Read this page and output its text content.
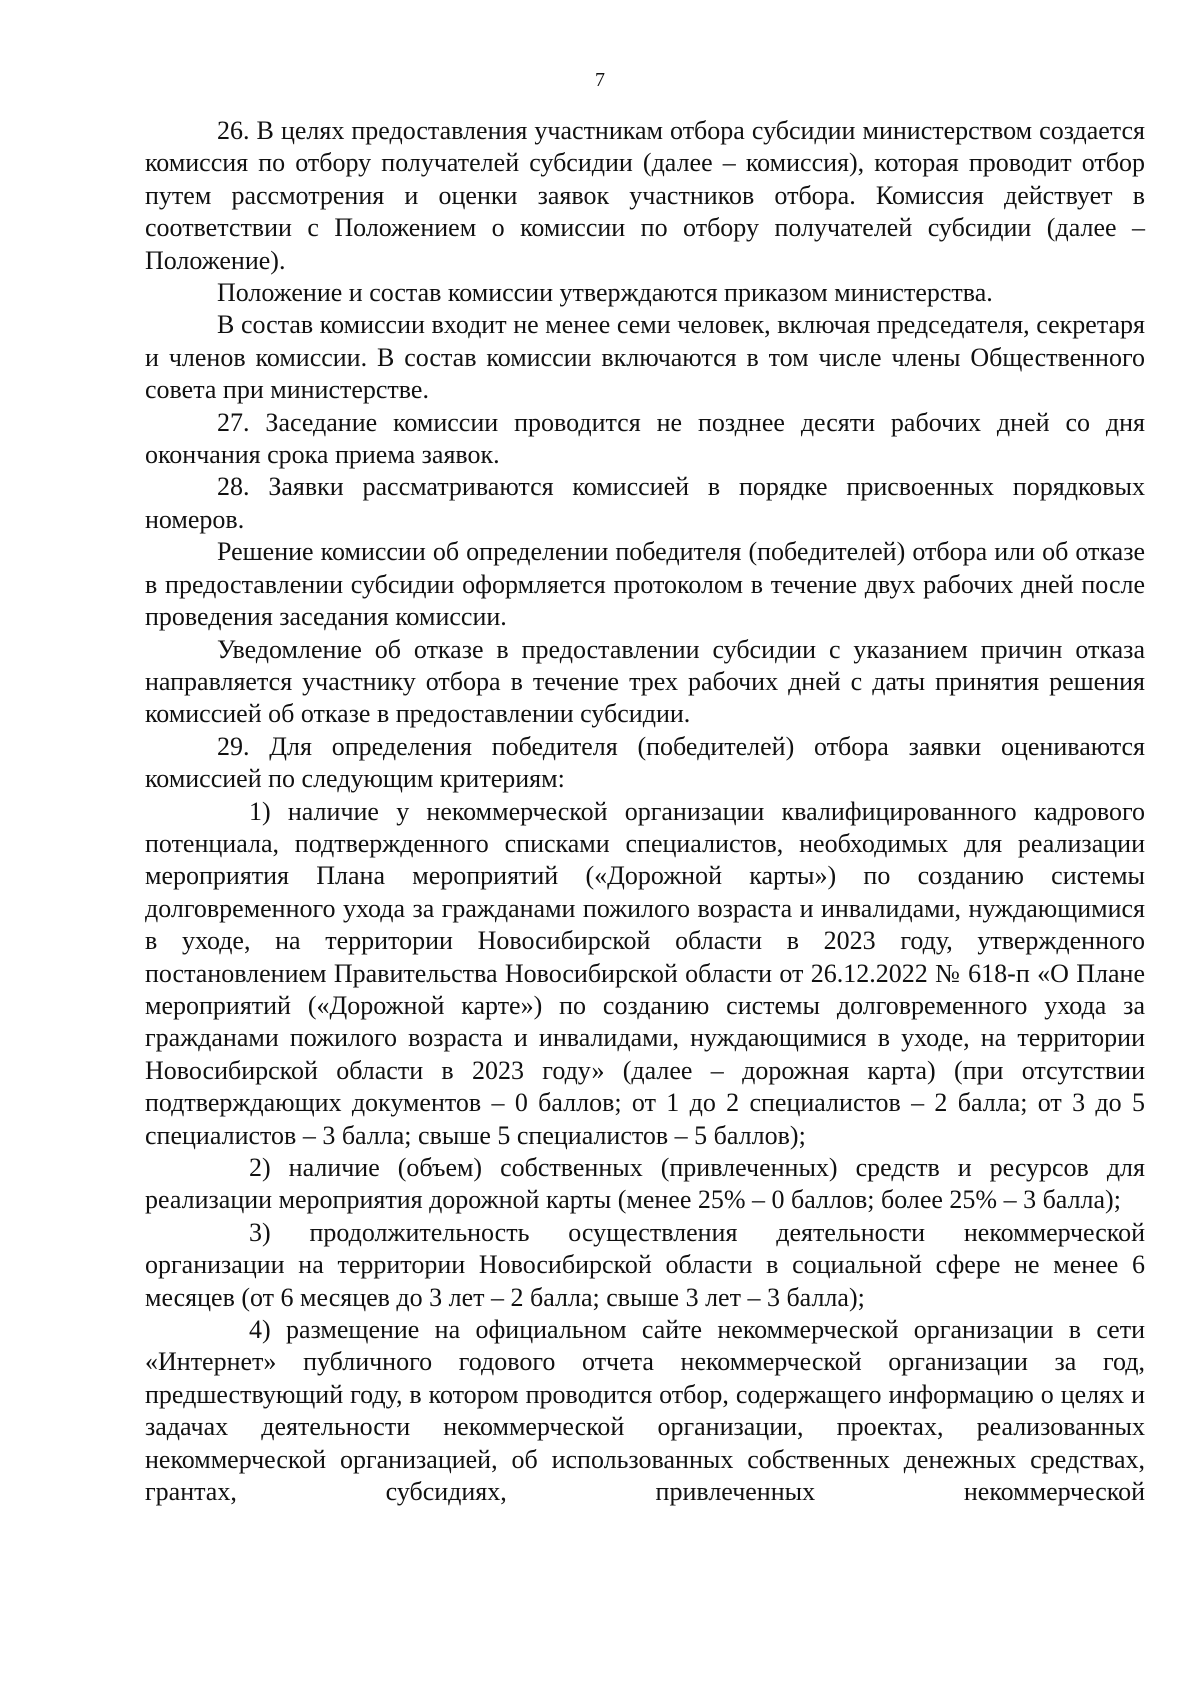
7

26. В целях предоставления участникам отбора субсидии министерством создается комиссия по отбору получателей субсидии (далее – комиссия), которая проводит отбор путем рассмотрения и оценки заявок участников отбора. Комиссия действует в соответствии с Положением о комиссии по отбору получателей субсидии (далее – Положение).

Положение и состав комиссии утверждаются приказом министерства.

В состав комиссии входит не менее семи человек, включая председателя, секретаря и членов комиссии. В состав комиссии включаются в том числе члены Общественного совета при министерстве.

27. Заседание комиссии проводится не позднее десяти рабочих дней со дня окончания срока приема заявок.

28. Заявки рассматриваются комиссией в порядке присвоенных порядковых номеров.

Решение комиссии об определении победителя (победителей) отбора или об отказе в предоставлении субсидии оформляется протоколом в течение двух рабочих дней после проведения заседания комиссии.

Уведомление об отказе в предоставлении субсидии с указанием причин отказа направляется участнику отбора в течение трех рабочих дней с даты принятия решения комиссией об отказе в предоставлении субсидии.

29. Для определения победителя (победителей) отбора заявки оцениваются комиссией по следующим критериям:

1) наличие у некоммерческой организации квалифицированного кадрового потенциала, подтвержденного списками специалистов, необходимых для реализации мероприятия Плана мероприятий («Дорожной карты») по созданию системы долговременного ухода за гражданами пожилого возраста и инвалидами, нуждающимися в уходе, на территории Новосибирской области в 2023 году, утвержденного постановлением Правительства Новосибирской области от 26.12.2022 № 618-п «О Плане мероприятий («Дорожной карте») по созданию системы долговременного ухода за гражданами пожилого возраста и инвалидами, нуждающимися в уходе, на территории Новосибирской области в 2023 году» (далее – дорожная карта) (при отсутствии подтверждающих документов – 0 баллов; от 1 до 2 специалистов – 2 балла; от 3 до 5 специалистов – 3 балла; свыше 5 специалистов – 5 баллов);

2) наличие (объем) собственных (привлеченных) средств и ресурсов для реализации мероприятия дорожной карты (менее 25% – 0 баллов; более 25% – 3 балла);

3) продолжительность осуществления деятельности некоммерческой организации на территории Новосибирской области в социальной сфере не менее 6 месяцев (от 6 месяцев до 3 лет – 2 балла; свыше 3 лет – 3 балла);

4) размещение на официальном сайте некоммерческой организации в сети «Интернет» публичного годового отчета некоммерческой организации за год, предшествующий году, в котором проводится отбор, содержащего информацию о целях и задачах деятельности некоммерческой организации, проектах, реализованных некоммерческой организацией, об использованных собственных денежных средствах, грантах, субсидиях, привлеченных некоммерческой
